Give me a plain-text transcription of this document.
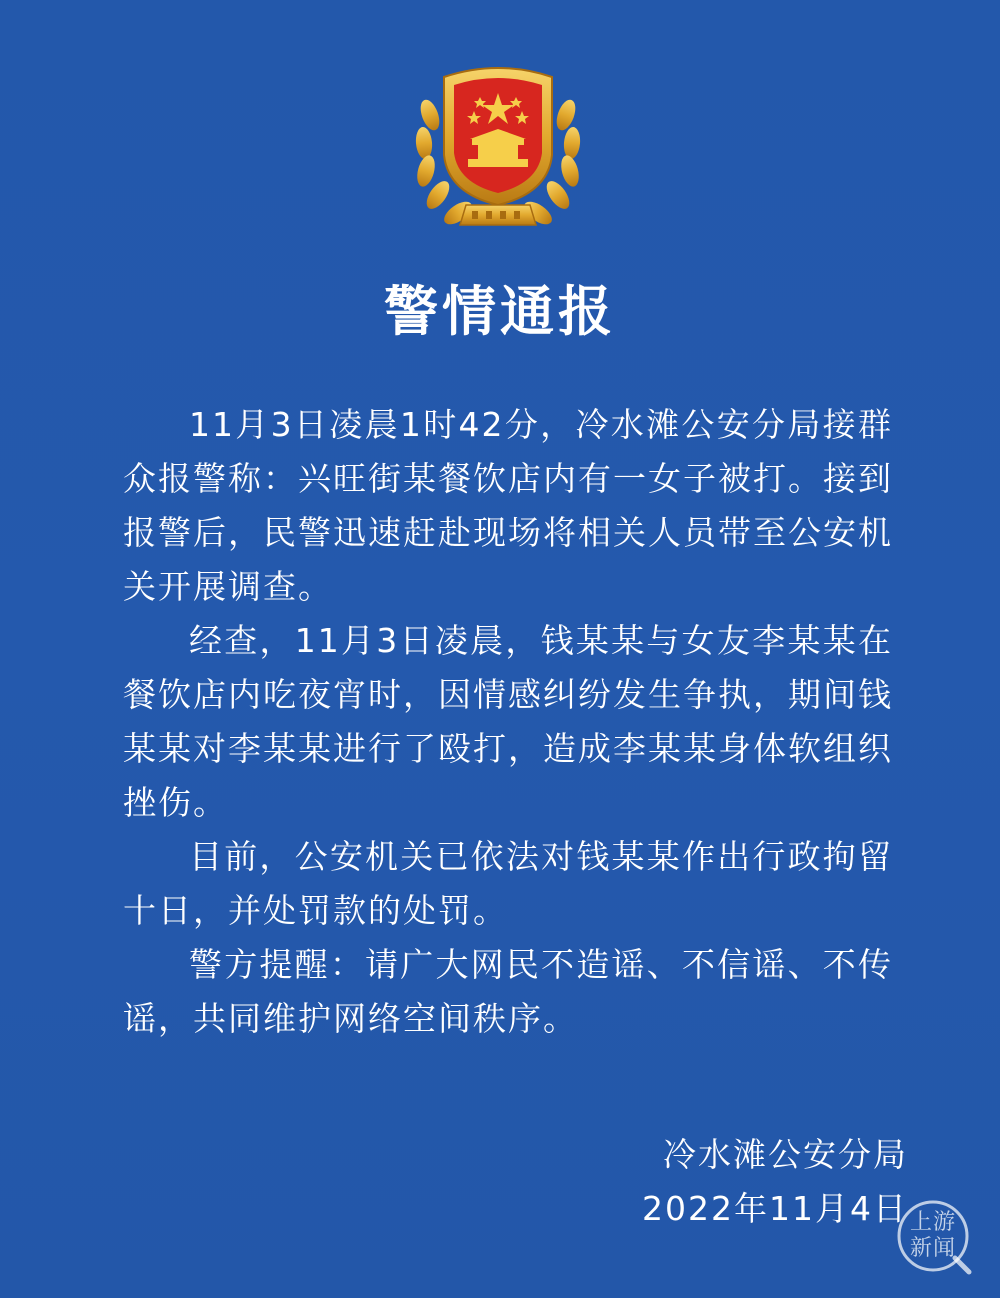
警情通报

11月3日凌晨1时42分，冷水滩公安分局接群众报警称：兴旺街某餐饮店内有一女子被打。接到报警后，民警迅速赶赴现场将相关人员带至公安机关开展调查。

经查，11月3日凌晨，钱某某与女友李某某在餐饮店内吃夜宵时，因情感纠纷发生争执，期间钱某某对李某某进行了殴打，造成李某某身体软组织挫伤。

目前，公安机关已依法对钱某某作出行政拘留十日，并处罚款的处罚。

警方提醒：请广大网民不造谣、不信谣、不传谣，共同维护网络空间秩序。

冷水滩公安分局
2022年11月4日 上游
新闻
